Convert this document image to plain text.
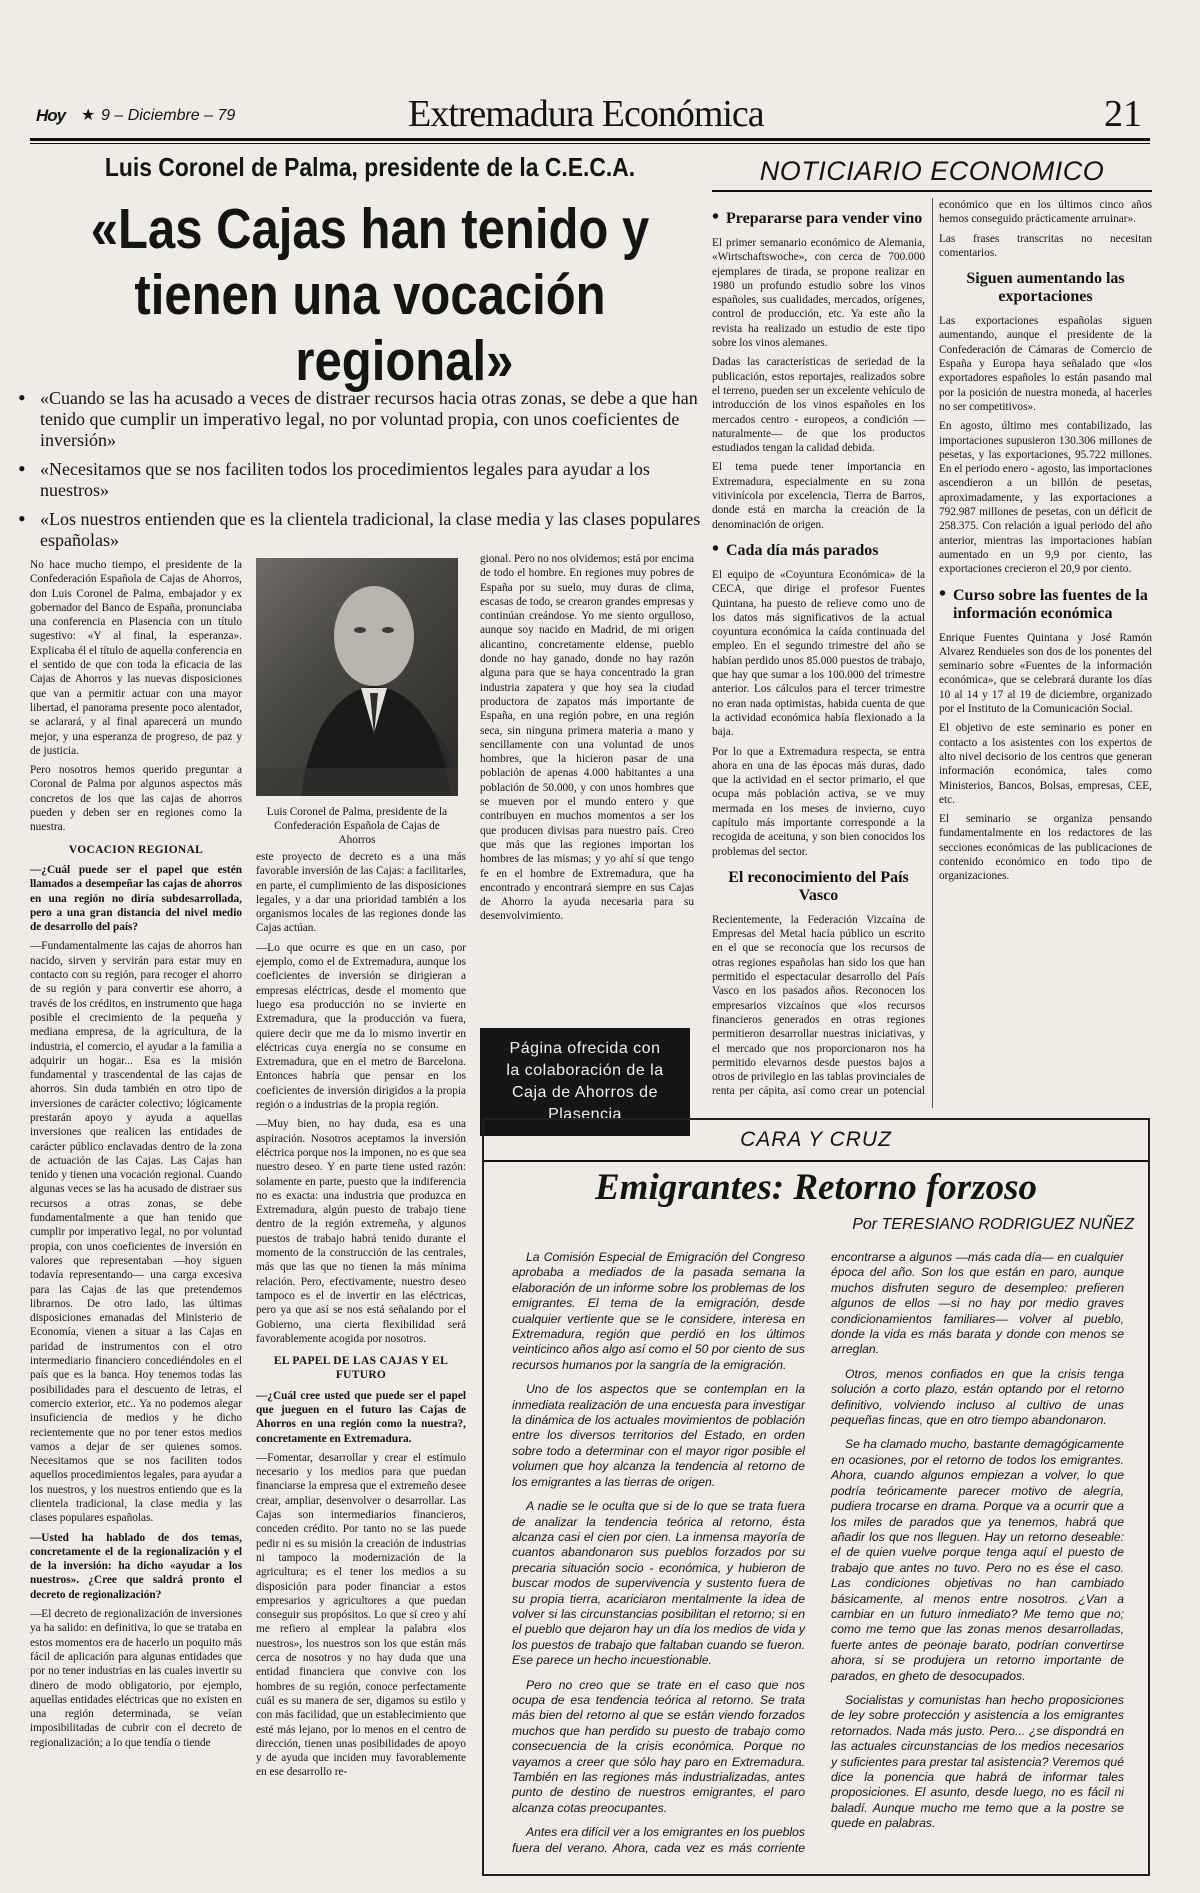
Hoy ★ 9 – Diciembre – 79	Extremadura Económica	21
Luis Coronel de Palma, presidente de la C.E.C.A.
«Las Cajas han tenido y
tienen una vocación
regional»
• «Cuando se las ha acusado a veces de distraer recursos hacia otras zonas, se debe a que han tenido que cumplir un imperativo legal, no por voluntad propia, con unos coeficientes de inversión»
• «Necesitamos que se nos faciliten todos los procedimientos legales para ayudar a los nuestros»
• «Los nuestros entienden que es la clientela tradicional, la clase media y las clases populares españolas»

No hace mucho tiempo, el presidente de la Confederación Española de Cajas de Ahorros, don Luis Coronel de Palma, embajador y ex gobernador del Banco de España, pronunciaba una conferencia en Plasencia con un título sugestivo: «Y al final, la esperanza». Explicaba él el título de aquella conferencia en el sentido de que con toda la eficacia de las Cajas de Ahorros y las nuevas disposiciones que van a permitir actuar con una mayor libertad, el panorama presente poco alentador, se aclarará, y al final aparecerá un mundo mejor, y una esperanza de progreso, de paz y de justicia.

Pero nosotros hemos querido preguntar a Coronal de Palma por algunos aspectos más concretos de los que las cajas de ahorros pueden y deben ser en regiones como la nuestra.

VOCACION REGIONAL

—¿Cuál puede ser el papel que estén llamados a desempeñar las cajas de ahorros en una región no diría subdesarrollada, pero a una gran distancia del nivel medio de desarrollo del país?

—Fundamentalmente las cajas de ahorros han nacido, sirven y servirán para estar muy en contacto con su región, para recoger el ahorro de su región y para convertir ese ahorro, a través de los créditos, en instrumento que haga posible el crecimiento de la pequeña y mediana empresa, de la agricultura, de la industria, el comercio, el ayudar a la familia a adquirir un hogar... Esa es la misión fundamental y trascendental de las cajas de ahorros. Sin duda también en otro tipo de inversiones de carácter colectivo; lógicamente prestarán apoyo y ayuda a aquellas inversiones que realicen las entidades de carácter público enclavadas dentro de la zona de actuación de las Cajas. Las Cajas han tenido y tienen una vocación regional. Cuando algunas veces se las ha acusado de distraer sus recursos a otras zonas, se debe fundamentalmente a que han tenido que cumplir por imperativo legal, no por voluntad propia, con unos coeficientes de inversión en valores que representaban —hoy siguen todavía representando— una carga excesiva para las Cajas de las que pretendemos librarnos. De otro lado, las últimas disposiciones emanadas del Ministerio de Economía, vienen a situar a las Cajas en paridad de instrumentos con el otro intermediario financiero concediéndoles en el país que es la banca. Hoy tenemos todas las posibilidades para el descuento de letras, el comercio exterior, etc.. Ya no podemos alegar insuficiencia de medios y he dicho recientemente que no por tener estos medios vamos a dejar de ser quienes somos. Necesitamos que se nos faciliten todos aquellos procedimientos legales, para ayudar a los nuestros, y los nuestros entiendo que es la clientela tradicional, la clase media y las clases populares españolas.

—Usted ha hablado de dos temas, concretamente el de la regionalización y el de la inversión: ha dicho «ayudar a los nuestros». ¿Cree que saldrá pronto el decreto de regionalización?

—El decreto de regionalización de inversiones ya ha salido: en definitiva, lo que se trataba en estos momentos era de hacerlo un poquito más fácil de aplicación para algunas entidades que por no tener industrias en las cuales invertir su dinero de modo obligatorio, por ejemplo, aquellas entidades eléctricas que no existen en una región determinada, se veían imposibilitadas de cubrir con el decreto de regionalización; a lo que tendía o tiende

Luis Coronel de Palma, presidente de la Confederación Española de Cajas de Ahorros

este proyecto de decreto es a una más favorable inversión de las Cajas: a facilitarles, en parte, el cumplimiento de las disposiciones legales, y a dar una prioridad también a los organismos locales de las regiones donde las Cajas actúan.

—Lo que ocurre es que en un caso, por ejemplo, como el de Extremadura, aunque los coeficientes de inversión se dirigieran a empresas eléctricas, desde el momento que luego esa producción no se invierte en Extremadura, que la producción va fuera, quiere decir que me da lo mismo invertir en eléctricas cuya energía no se consume en Extremadura, que en el metro de Barcelona. Entonces habría que pensar en los coeficientes de inversión dirigidos a la propia región o a industrias de la propia región.

—Muy bien, no hay duda, esa es una aspiración. Nosotros aceptamos la inversión eléctrica porque nos la imponen, no es que sea nuestro deseo. Y en parte tiene usted razón: solamente en parte, puesto que la indiferencia no es exacta: una industria que produzca en Extremadura, algún puesto de trabajo tiene dentro de la región extremeña, y algunos puestos de trabajo habrá tenido durante el momento de la construcción de las centrales, más que las que no tienen la más mínima relación. Pero, efectivamente, nuestro deseo tampoco es el de invertir en las eléctricas, pero ya que así se nos está señalando por el Gobierno, una cierta flexibilidad será favorablemente acogida por nosotros.

EL PAPEL DE LAS CAJAS Y EL FUTURO

—¿Cuál cree usted que puede ser el papel que jueguen en el futuro las Cajas de Ahorros en una región como la nuestra?, concretamente en Extremadura.

—Fomentar, desarrollar y crear el estímulo necesario y los medios para que puedan financiarse la empresa que el extremeño desee crear, ampliar, desenvolver o desarrollar. Las Cajas son intermediarios financieros, conceden crédito. Por tanto no se las puede pedir ni es su misión la creación de industrias ni tampoco la modernización de la agricultura; es el tener los medios a su disposición para poder financiar a estos empresarios y agricultores a que puedan conseguir sus propósitos. Lo que sí creo y ahí me refiero al emplear la palabra «los nuestros», los nuestros son los que están más cerca de nosotros y no hay duda que una entidad financiera que convive con los hombres de su región, conoce perfectamente cuál es su manera de ser, digamos su estilo y con más facilidad, que un establecimiento que esté más lejano, por lo menos en el centro de dirección, tienen unas posibilidades de apoyo y de ayuda que inciden muy favorablemente en ese desarrollo re-

gional. Pero no nos olvidemos; está por encima de todo el hombre. En regiones muy pobres de España por su suelo, muy duras de clima, escasas de todo, se crearon grandes empresas y continúan creándose. Yo me siento orgulloso, aunque soy nacido en Madrid, de mi origen alicantino, concretamente eldense, pueblo donde no hay ganado, donde no hay razón alguna para que se haya concentrado la gran industria zapatera y que hoy sea la ciudad productora de zapatos más importante de España, en una región pobre, en una región seca, sin ninguna primera materia a mano y sencillamente con una voluntad de unos hombres, que la hicieron pasar de una población de apenas 4.000 habitantes a una población de 50.000, y con unos hombres que se mueven por el mundo entero y que contribuyen en muchos momentos a ser los que producen divisas para nuestro país. Creo que más que las regiones importan los hombres de las mismas; y yo ahí sí que tengo fe en el hombre de Extremadura, que ha encontrado y encontrará siempre en sus Cajas de Ahorro la ayuda necesaria para su desenvolvimiento.

Página ofrecida con la colaboración de la Caja de Ahorros de Plasencia
NOTICIARIO ECONOMICO
• Prepararse para vender vino

El primer semanario económico de Alemania, «Wirtschaftswoche», con cerca de 700.000 ejemplares de tirada, se propone realizar en 1980 un profundo estudio sobre los vinos españoles, sus cualidades, mercados, orígenes, control de producción, etc. Ya este año la revista ha realizado un estudio de este tipo sobre los vinos alemanes.

Dadas las características de seriedad de la publicación, estos reportajes, realizados sobre el terreno, pueden ser un excelente vehículo de introducción de los vinos españoles en los mercados centro - europeos, a condición —naturalmente— de que los productos estudiados tengan la calidad debida.

El tema puede tener importancia en Extremadura, especialmente en su zona vitivinícola por excelencia, Tierra de Barros, donde está en marcha la creación de la denominación de origen.

• Cada día más parados

El equipo de «Coyuntura Económica» de la CECA, que dirige el profesor Fuentes Quintana, ha puesto de relieve como uno de los datos más significativos de la actual coyuntura económica la caída continuada del empleo. En el segundo trimestre del año se habían perdido unos 85.000 puestos de trabajo, que hay que sumar a los 100.000 del trimestre anterior. Los cálculos para el tercer trimestre no eran nada optimistas, habida cuenta de que la actividad económica había flexionado a la baja.

Por lo que a Extremadura respecta, se entra ahora en una de las épocas más duras, dado que la actividad en el sector primario, el que ocupa más población activa, se ve muy mermada en los meses de invierno, cuyo capítulo más importante corresponde a la recogida de aceituna, y son bien conocidos los problemas del sector.

El reconocimiento del País Vasco

Recientemente, la Federación Vizcaína de Empresas del Metal hacía público un escrito en el que se reconocía que los recursos de otras regiones españolas han sido los que han permitido el espectacular desarrollo del País Vasco en los pasados años. Reconocen los empresarios vizcaínos que «los recursos financieros generados en otras regiones permitieron desarrollar nuestras iniciativas, y el mercado que nos proporcionaron nos ha permitido elevarnos desde puestos bajos a otros de privilegio en las tablas provinciales de renta per cápita, así como crear un potencial económico que en los últimos cinco años hemos conseguido prácticamente arruinar».

Las frases transcritas no necesitan comentarios.

Siguen aumentando las exportaciones

Las exportaciones españolas siguen aumentando, aunque el presidente de la Confederación de Cámaras de Comercio de España y Europa haya señalado que «los exportadores españoles lo están pasando mal por la posición de nuestra moneda, al hacerles no ser competitivos».

En agosto, último mes contabilizado, las importaciones supusieron 130.306 millones de pesetas, y las exportaciones, 95.722 millones. En el periodo enero - agosto, las importaciones ascendieron a un billón de pesetas, aproximadamente, y las exportaciones a 792.987 millones de pesetas, con un déficit de 258.375. Con relación a igual periodo del año anterior, mientras las importaciones habían aumentado en un 9,9 por ciento, las exportaciones crecieron el 20,9 por ciento.

• Curso sobre las fuentes de la información económica

Enrique Fuentes Quintana y José Ramón Alvarez Rendueles son dos de los ponentes del seminario sobre «Fuentes de la información económica», que se celebrará durante los días 10 al 14 y 17 al 19 de diciembre, organizado por el Instituto de la Comunicación Social.

El objetivo de este seminario es poner en contacto a los asistentes con los expertos de alto nivel decisorio de los centros que generan información económica, tales como Ministerios, Bancos, Bolsas, empresas, CEE, etc.

El seminario se organiza pensando fundamentalmente en los redactores de las secciones económicas de las publicaciones de contenido económico en todo tipo de organizaciones.

CARA Y CRUZ
Emigrantes: Retorno forzoso
Por TERESIANO RODRIGUEZ NUÑEZ

La Comisión Especial de Emigración del Congreso aprobaba a mediados de la pasada semana la elaboración de un informe sobre los problemas de los emigrantes. El tema de la emigración, desde cualquier vertiente que se le considere, interesa en Extremadura, región que perdió en los últimos veinticinco años algo así como el 50 por ciento de sus recursos humanos por la sangría de la emigración.

Uno de los aspectos que se contemplan en la inmediata realización de una encuesta para investigar la dinámica de los actuales movimientos de población entre los diversos territorios del Estado, en orden sobre todo a determinar con el mayor rigor posible el volumen que hoy alcanza la tendencia al retorno de los emigrantes a las tierras de origen.

A nadie se le oculta que si de lo que se trata fuera de analizar la tendencia teórica al retorno, ésta alcanza casi el cien por cien. La inmensa mayoría de cuantos abandonaron sus pueblos forzados por su precaria situación socio - económica, y hubieron de buscar modos de supervivencia y sustento fuera de su propia tierra, acariciaron mentalmente la idea de volver si las circunstancias posibilitan el retorno; si en el pueblo que dejaron hay un día los medios de vida y los puestos de trabajo que faltaban cuando se fueron. Ese parece un hecho incuestionable.

Pero no creo que se trate en el caso que nos ocupa de esa tendencia teórica al retorno. Se trata más bien del retorno al que se están viendo forzados muchos que han perdido su puesto de trabajo como consecuencia de la crisis económica. Porque no vayamos a creer que sólo hay paro en Extremadura. También en las regiones más industrializadas, antes punto de destino de nuestros emigrantes, el paro alcanza cotas preocupantes.

Antes era difícil ver a los emigrantes en los pueblos fuera del verano. Ahora, cada vez es más corriente encontrarse a algunos —más cada día— en cualquier época del año. Son los que están en paro, aunque muchos disfruten seguro de desempleo: prefieren algunos de ellos —si no hay por medio graves condicionamientos familiares— volver al pueblo, donde la vida es más barata y donde con menos se arreglan.

Otros, menos confiados en que la crisis tenga solución a corto plazo, están optando por el retorno definitivo, volviendo incluso al cultivo de unas pequeñas fincas, que en otro tiempo abandonaron.

Se ha clamado mucho, bastante demagógicamente en ocasiones, por el retorno de todos los emigrantes. Ahora, cuando algunos empiezan a volver, lo que podría teóricamente parecer motivo de alegría, pudiera trocarse en drama. Porque va a ocurrir que a los miles de parados que ya tenemos, habrá que añadir los que nos lleguen. Hay un retorno deseable: el de quien vuelve porque tenga aquí el puesto de trabajo que antes no tuvo. Pero no es ése el caso. Las condiciones objetivas no han cambiado básicamente, al menos entre nosotros. ¿Van a cambiar en un futuro inmediato? Me temo que no; como me temo que las zonas menos desarrolladas, fuerte antes de peonaje barato, podrían convertirse ahora, si se produjera un retorno importante de parados, en gheto de desocupados.

Socialistas y comunistas han hecho proposiciones de ley sobre protección y asistencia a los emigrantes retornados. Nada más justo. Pero... ¿se dispondrá en las actuales circunstancias de los medios necesarios y suficientes para prestar tal asistencia? Veremos qué dice la ponencia que habrá de informar tales proposiciones. El asunto, desde luego, no es fácil ni baladí. Aunque mucho me temo que a la postre se quede en palabras.
